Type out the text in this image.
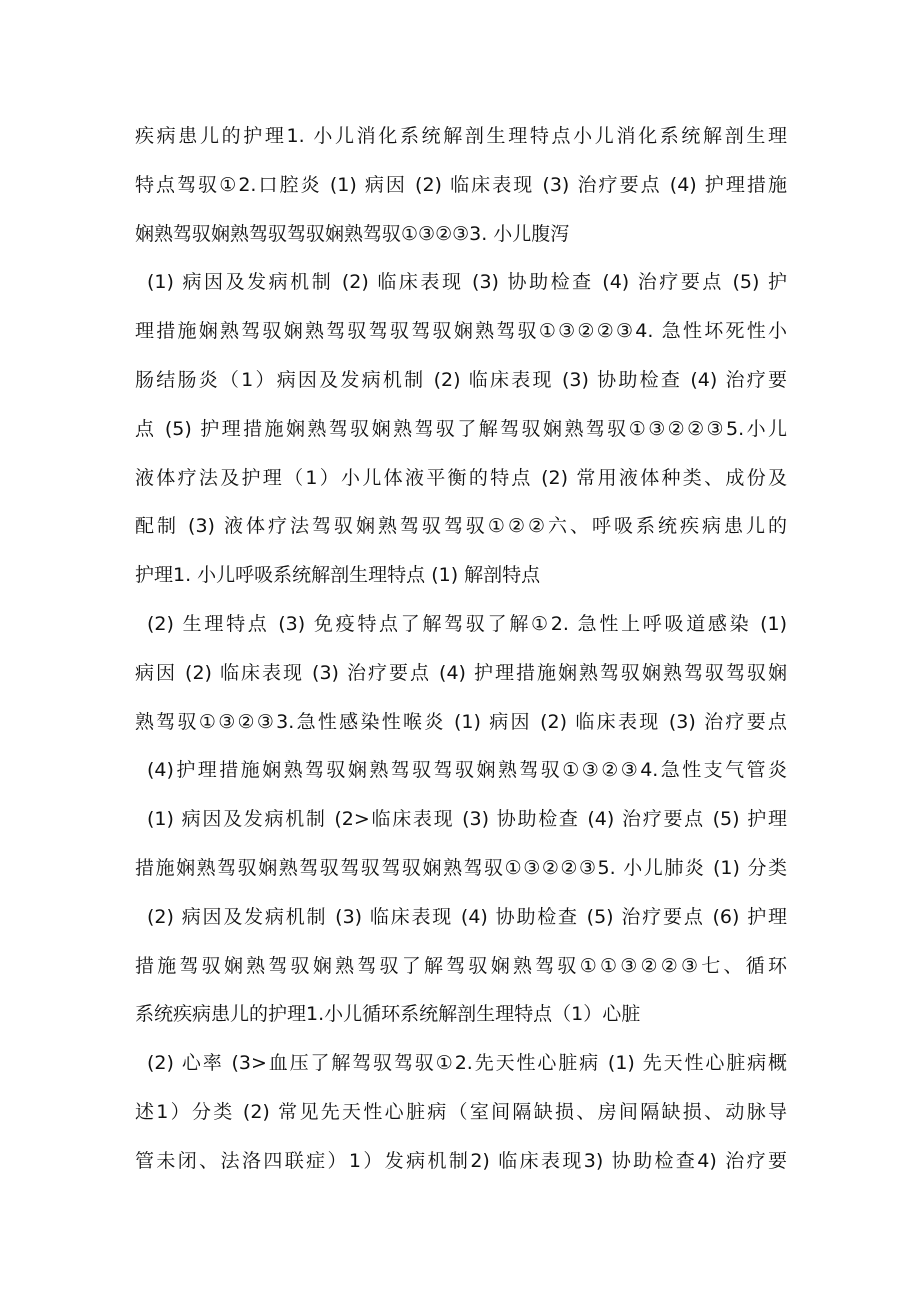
疾病患儿的护理1. 小儿消化系统解剖生理特点小儿消化系统解剖生理
特点驾驭①2.口腔炎 (1) 病因 (2) 临床表现 (3) 治疗要点 (4) 护理措施
娴熟驾驭娴熟驾驭驾驭娴熟驾驭①③②③3. 小儿腹泻
(1) 病因及发病机制 (2) 临床表现 (3) 协助检查 (4) 治疗要点 (5) 护
理措施娴熟驾驭娴熟驾驭驾驭驾驭娴熟驾驭①③②②③4. 急性坏死性小
肠结肠炎（1）病因及发病机制 (2) 临床表现 (3) 协助检查 (4) 治疗要
点 (5) 护理措施娴熟驾驭娴熟驾驭了解驾驭娴熟驾驭①③②②③5.小儿
液体疗法及护理（1）小儿体液平衡的特点 (2) 常用液体种类、成份及
配制 (3) 液体疗法驾驭娴熟驾驭驾驭①②②六、呼吸系统疾病患儿的
护理1. 小儿呼吸系统解剖生理特点 (1) 解剖特点
(2) 生理特点 (3) 免疫特点了解驾驭了解①2. 急性上呼吸道感染 (1)
病因 (2) 临床表现 (3) 治疗要点 (4) 护理措施娴熟驾驭娴熟驾驭驾驭娴
熟驾驭①③②③3.急性感染性喉炎 (1) 病因 (2) 临床表现 (3) 治疗要点
(4)护理措施娴熟驾驭娴熟驾驭驾驭娴熟驾驭①③②③4.急性支气管炎
(1) 病因及发病机制 (2>临床表现 (3) 协助检查 (4) 治疗要点 (5) 护理
措施娴熟驾驭娴熟驾驭驾驭驾驭娴熟驾驭①③②②③5. 小儿肺炎 (1) 分类
(2) 病因及发病机制 (3) 临床表现 (4) 协助检查 (5) 治疗要点 (6) 护理
措施驾驭娴熟驾驭娴熟驾驭了解驾驭娴熟驾驭①①③②②③七、循环
系统疾病患儿的护理1.小儿循环系统解剖生理特点（1）心脏
(2) 心率 (3>血压了解驾驭驾驭①2.先天性心脏病 (1) 先天性心脏病概
述1）分类 (2) 常见先天性心脏病（室间隔缺损、房间隔缺损、动脉导
管未闭、法洛四联症）1）发病机制2) 临床表现3) 协助检查4) 治疗要
